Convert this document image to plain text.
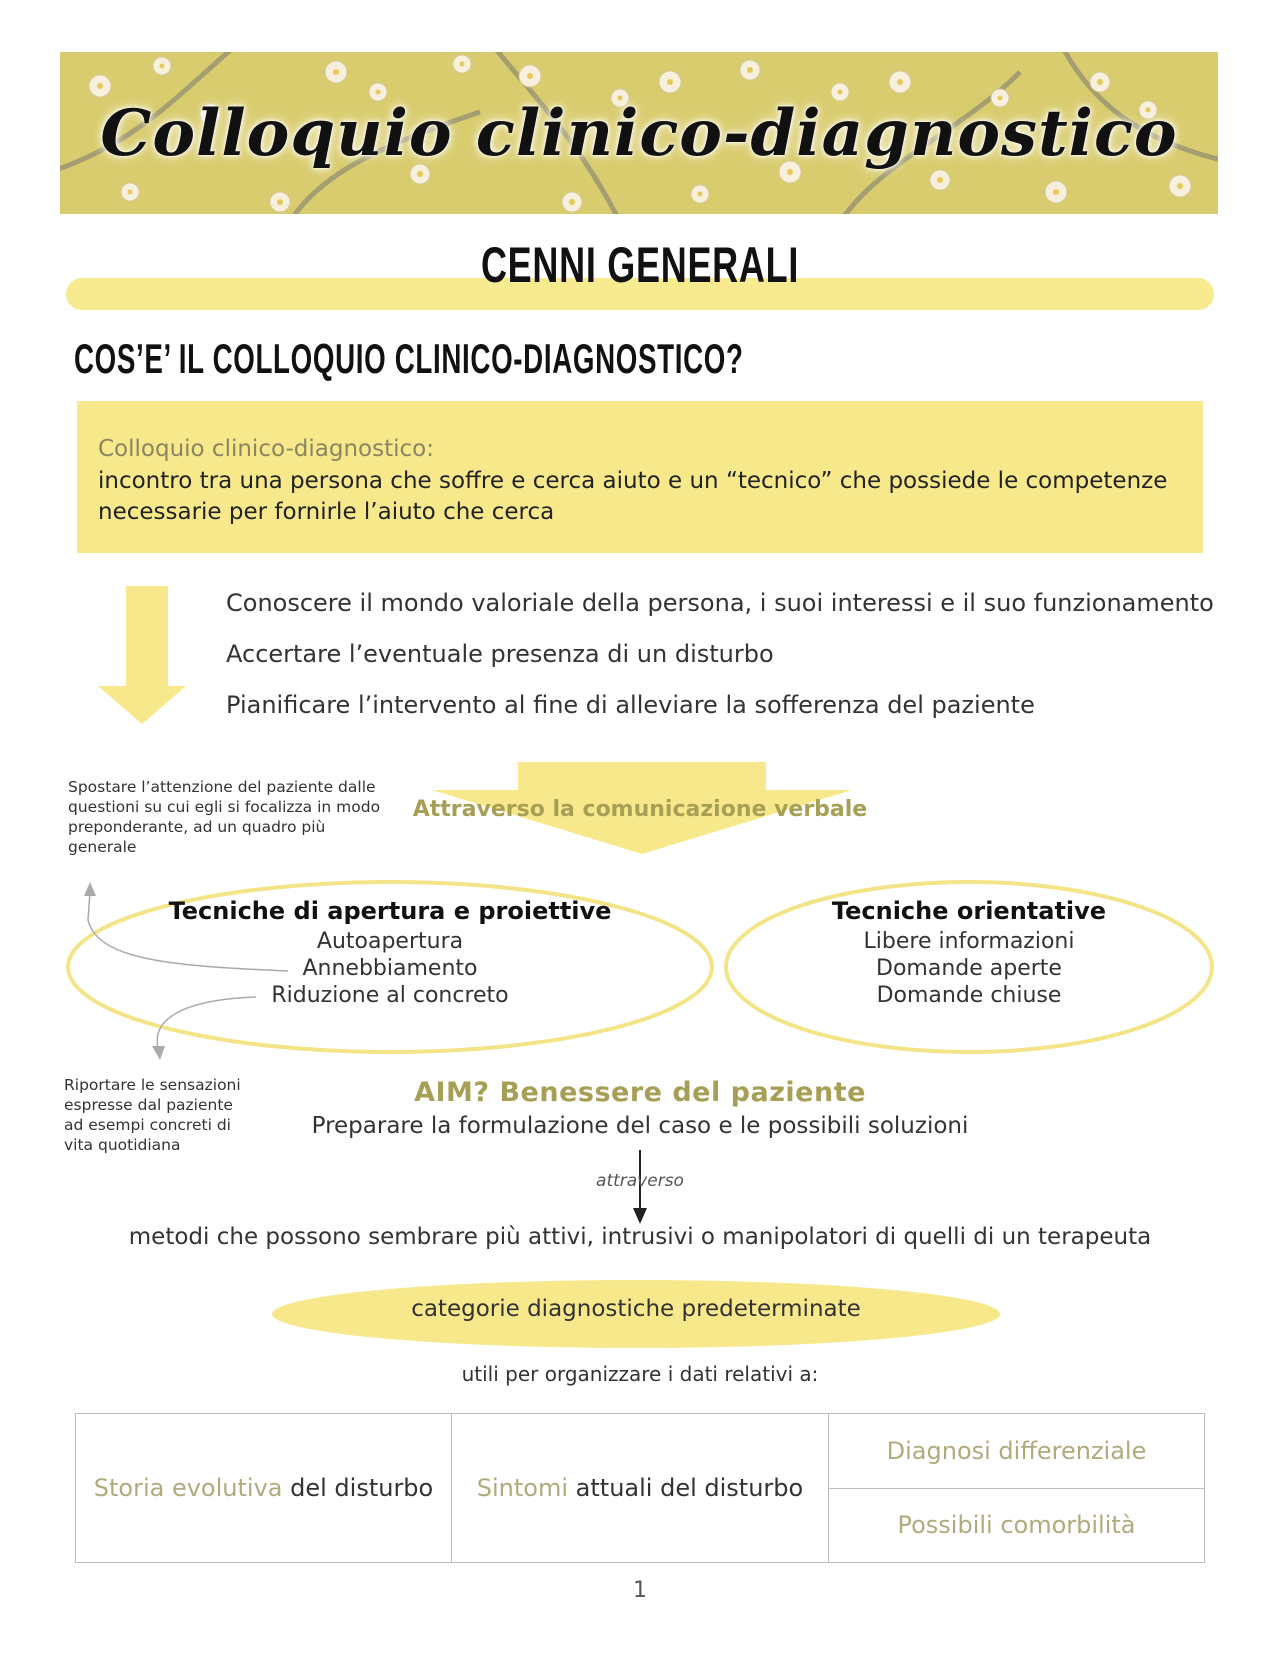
Colloquio clinico-diagnostico
CENNI GENERALI
COS’E’ IL COLLOQUIO CLINICO-DIAGNOSTICO?
Colloquio clinico-diagnostico:
incontro tra una persona che soffre e cerca aiuto e un “tecnico” che possiede le competenze necessarie per fornirle l’aiuto che cerca
Conoscere il mondo valoriale della persona, i suoi interessi e il suo funzionamento
Accertare l’eventuale presenza di un disturbo
Pianificare l’intervento al fine di alleviare la sofferenza del paziente
Attraverso la comunicazione verbale
Spostare l’attenzione del paziente dalle questioni su cui egli si focalizza in modo preponderante, ad un quadro più generale
Tecniche di apertura e proiettive
Autoapertura
Annebbiamento
Riduzione al concreto
Tecniche orientative
Libere informazioni
Domande aperte
Domande chiuse
Riportare le sensazioni espresse dal paziente ad esempi concreti di vita quotidiana
AIM? Benessere del paziente
Preparare la formulazione del caso e le possibili soluzioni
attraverso
metodi che possono sembrare più attivi, intrusivi o manipolatori di quelli di un terapeuta
categorie diagnostiche predeterminate
utili per organizzare i dati relativi a:
Storia evolutiva del disturbo Sintomi attuali del disturbo
Diagnosi differenziale
Possibili comorbilità
1
